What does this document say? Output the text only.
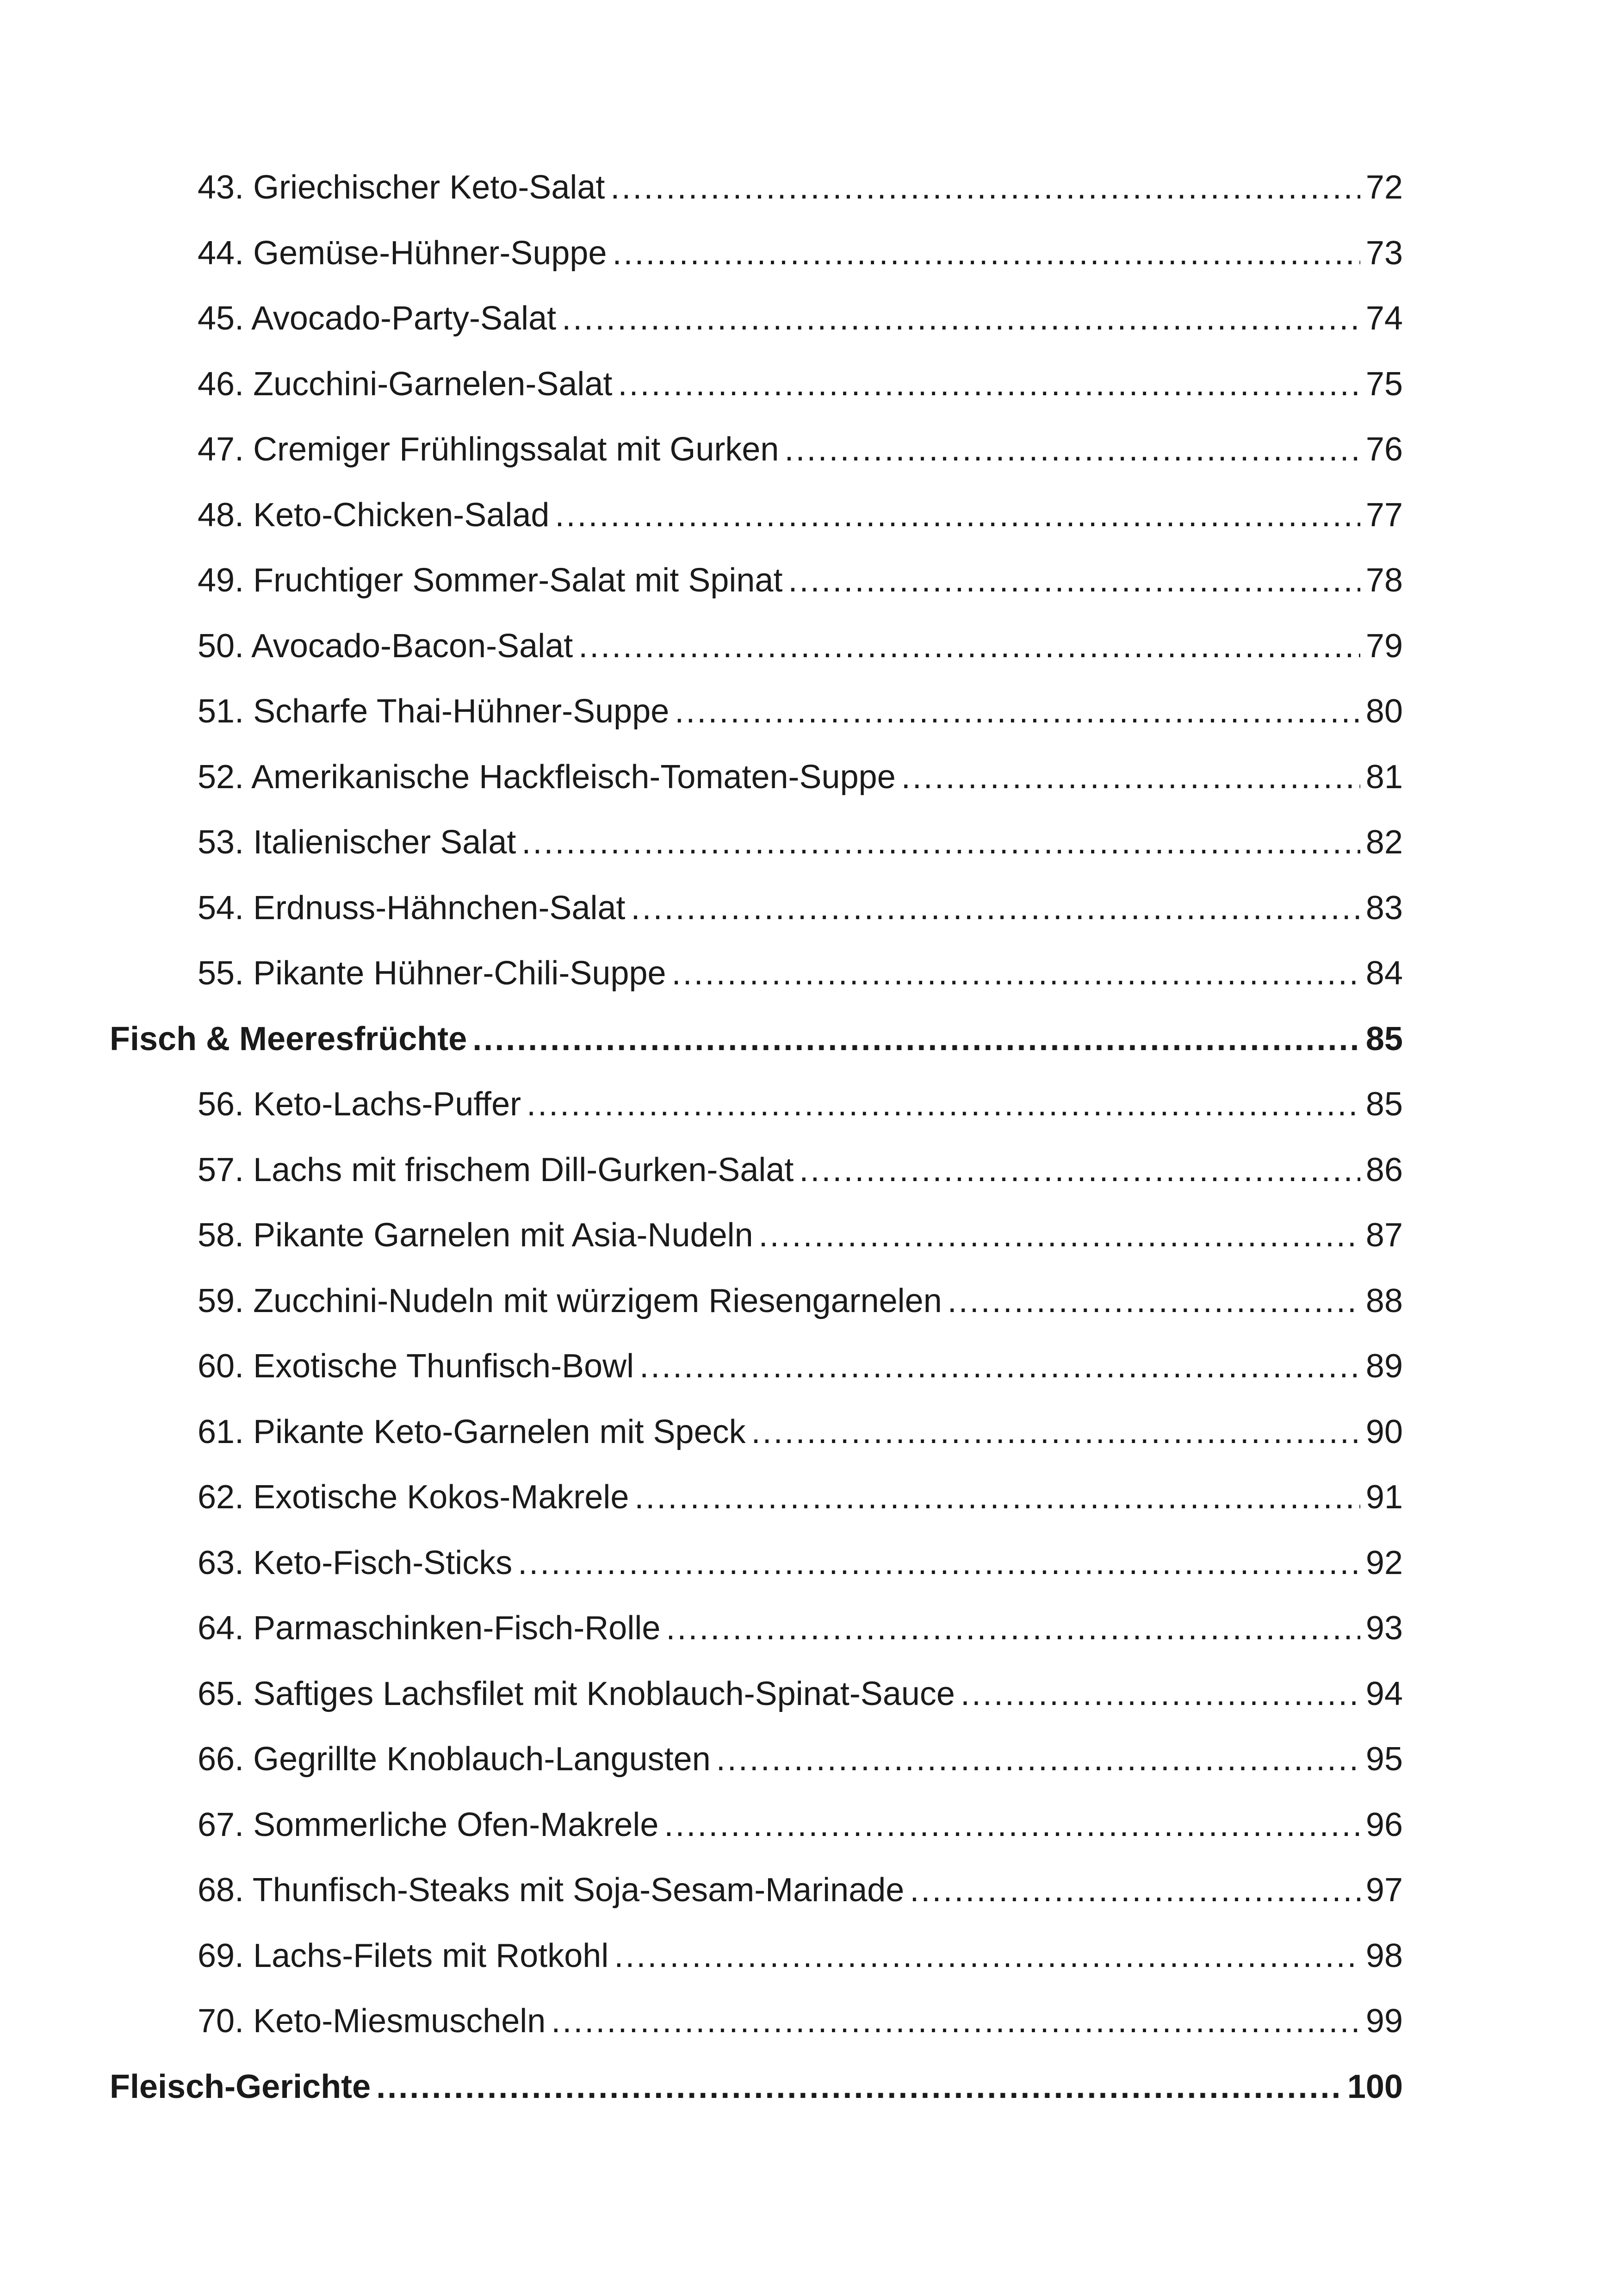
43. Griechischer Keto-Salat .....	72
44. Gemüse-Hühner-Suppe .....	73
45. Avocado-Party-Salat .....	74
46. Zucchini-Garnelen-Salat .....	75
47. Cremiger Frühlingssalat mit Gurken .....	76
48. Keto-Chicken-Salad .....	77
49. Fruchtiger Sommer-Salat mit Spinat .....	78
50. Avocado-Bacon-Salat .....	79
51. Scharfe Thai-Hühner-Suppe .....	80
52. Amerikanische Hackfleisch-Tomaten-Suppe .....	81
53. Italienischer Salat .....	82
54. Erdnuss-Hähnchen-Salat .....	83
55. Pikante Hühner-Chili-Suppe .....	84
Fisch & Meeresfrüchte .....	85
56. Keto-Lachs-Puffer .....	85
57. Lachs mit frischem Dill-Gurken-Salat .....	86
58. Pikante Garnelen mit Asia-Nudeln .....	87
59. Zucchini-Nudeln mit würzigem Riesengarnelen .....	88
60. Exotische Thunfisch-Bowl .....	89
61. Pikante Keto-Garnelen mit Speck .....	90
62. Exotische Kokos-Makrele .....	91
63. Keto-Fisch-Sticks .....	92
64. Parmaschinken-Fisch-Rolle .....	93
65. Saftiges Lachsfilet mit Knoblauch-Spinat-Sauce .....	94
66. Gegrillte Knoblauch-Langusten .....	95
67. Sommerliche Ofen-Makrele .....	96
68. Thunfisch-Steaks mit Soja-Sesam-Marinade .....	97
69. Lachs-Filets mit Rotkohl .....	98
70. Keto-Miesmuscheln .....	99
Fleisch-Gerichte .....	100
